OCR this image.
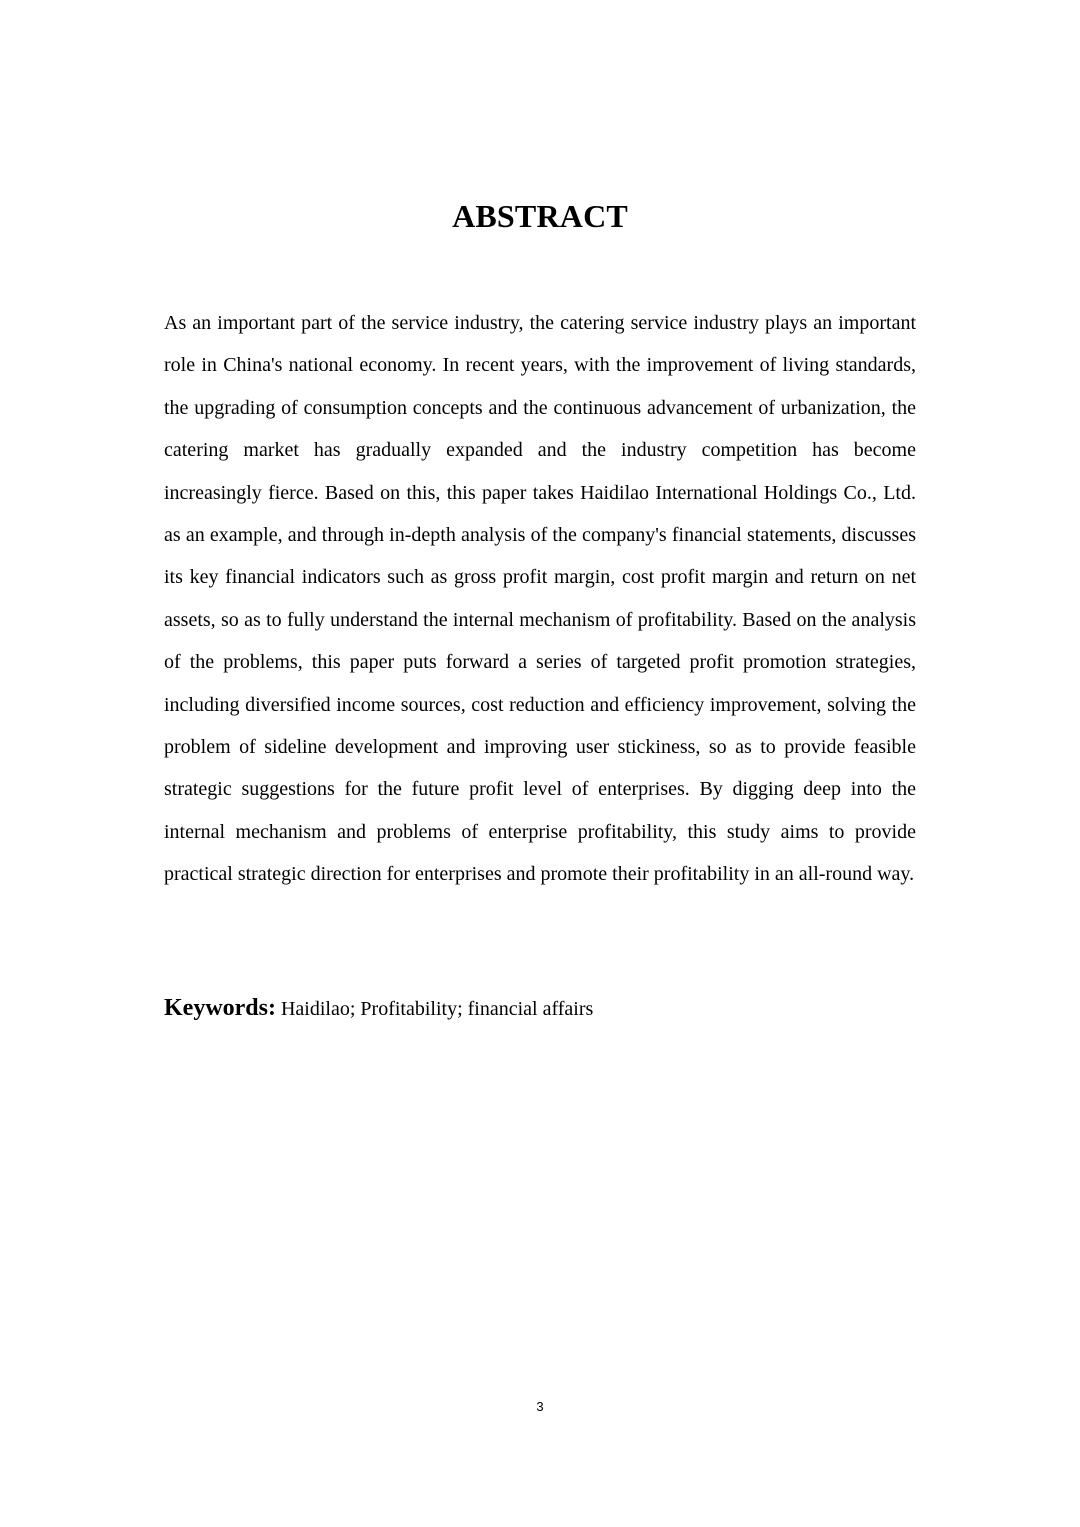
ABSTRACT

As an important part of the service industry, the catering service industry plays an important role in China's national economy. In recent years, with the improvement of living standards, the upgrading of consumption concepts and the continuous advancement of urbanization, the catering market has gradually expanded and the industry competition has become increasingly fierce. Based on this, this paper takes Haidilao International Holdings Co., Ltd. as an example, and through in-depth analysis of the company's financial statements, discusses its key financial indicators such as gross profit margin, cost profit margin and return on net assets, so as to fully understand the internal mechanism of profitability. Based on the analysis of the problems, this paper puts forward a series of targeted profit promotion strategies, including diversified income sources, cost reduction and efficiency improvement, solving the problem of sideline development and improving user stickiness, so as to provide feasible strategic suggestions for the future profit level of enterprises. By digging deep into the internal mechanism and problems of enterprise profitability, this study aims to provide practical strategic direction for enterprises and promote their profitability in an all-round way.

Keywords: Haidilao; Profitability; financial affairs
3
